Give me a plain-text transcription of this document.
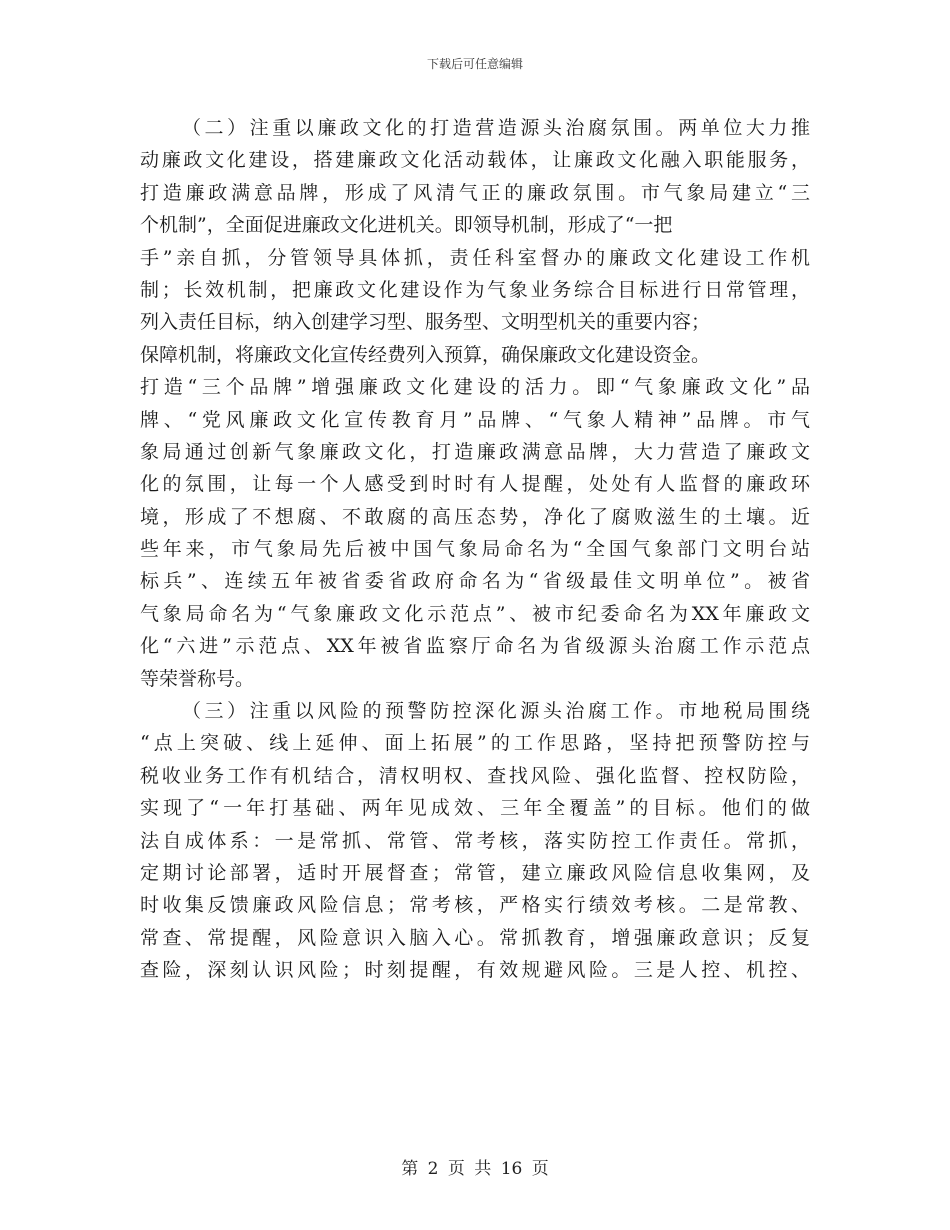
下载后可任意编辑
（二）注重以廉政文化的打造营造源头治腐氛围。两单位大力推
动廉政文化建设，搭建廉政文化活动载体，让廉政文化融入职能服务，
打造廉政满意品牌，形成了风清气正的廉政氛围。市气象局建立“三
个机制”，全面促进廉政文化进机关。即领导机制，形成了“一把
手”亲自抓，分管领导具体抓，责任科室督办的廉政文化建设工作机
制；长效机制，把廉政文化建设作为气象业务综合目标进行日常管理，
列入责任目标，纳入创建学习型、服务型、文明型机关的重要内容；
保障机制，将廉政文化宣传经费列入预算，确保廉政文化建设资金。
打造“三个品牌”增强廉政文化建设的活力。即“气象廉政文化”品
牌、“党风廉政文化宣传教育月”品牌、“气象人精神”品牌。市气
象局通过创新气象廉政文化，打造廉政满意品牌，大力营造了廉政文
化的氛围，让每一个人感受到时时有人提醒，处处有人监督的廉政环
境，形成了不想腐、不敢腐的高压态势，净化了腐败滋生的土壤。近
些年来，市气象局先后被中国气象局命名为“全国气象部门文明台站
标兵”、连续五年被省委省政府命名为“省级最佳文明单位”。被省
气象局命名为“气象廉政文化示范点”、被市纪委命名为XX年廉政文
化“六进”示范点、XX年被省监察厅命名为省级源头治腐工作示范点
等荣誉称号。
（三）注重以风险的预警防控深化源头治腐工作。市地税局围绕
“点上突破、线上延伸、面上拓展”的工作思路，坚持把预警防控与
税收业务工作有机结合，清权明权、查找风险、强化监督、控权防险，
实现了“一年打基础、两年见成效、三年全覆盖”的目标。他们的做
法自成体系：一是常抓、常管、常考核，落实防控工作责任。常抓，
定期讨论部署，适时开展督查；常管，建立廉政风险信息收集网，及
时收集反馈廉政风险信息；常考核，严格实行绩效考核。二是常教、
常查、常提醒，风险意识入脑入心。常抓教育，增强廉政意识；反复
查险，深刻认识风险；时刻提醒，有效规避风险。三是人控、机控、
第 2 页 共 16 页
